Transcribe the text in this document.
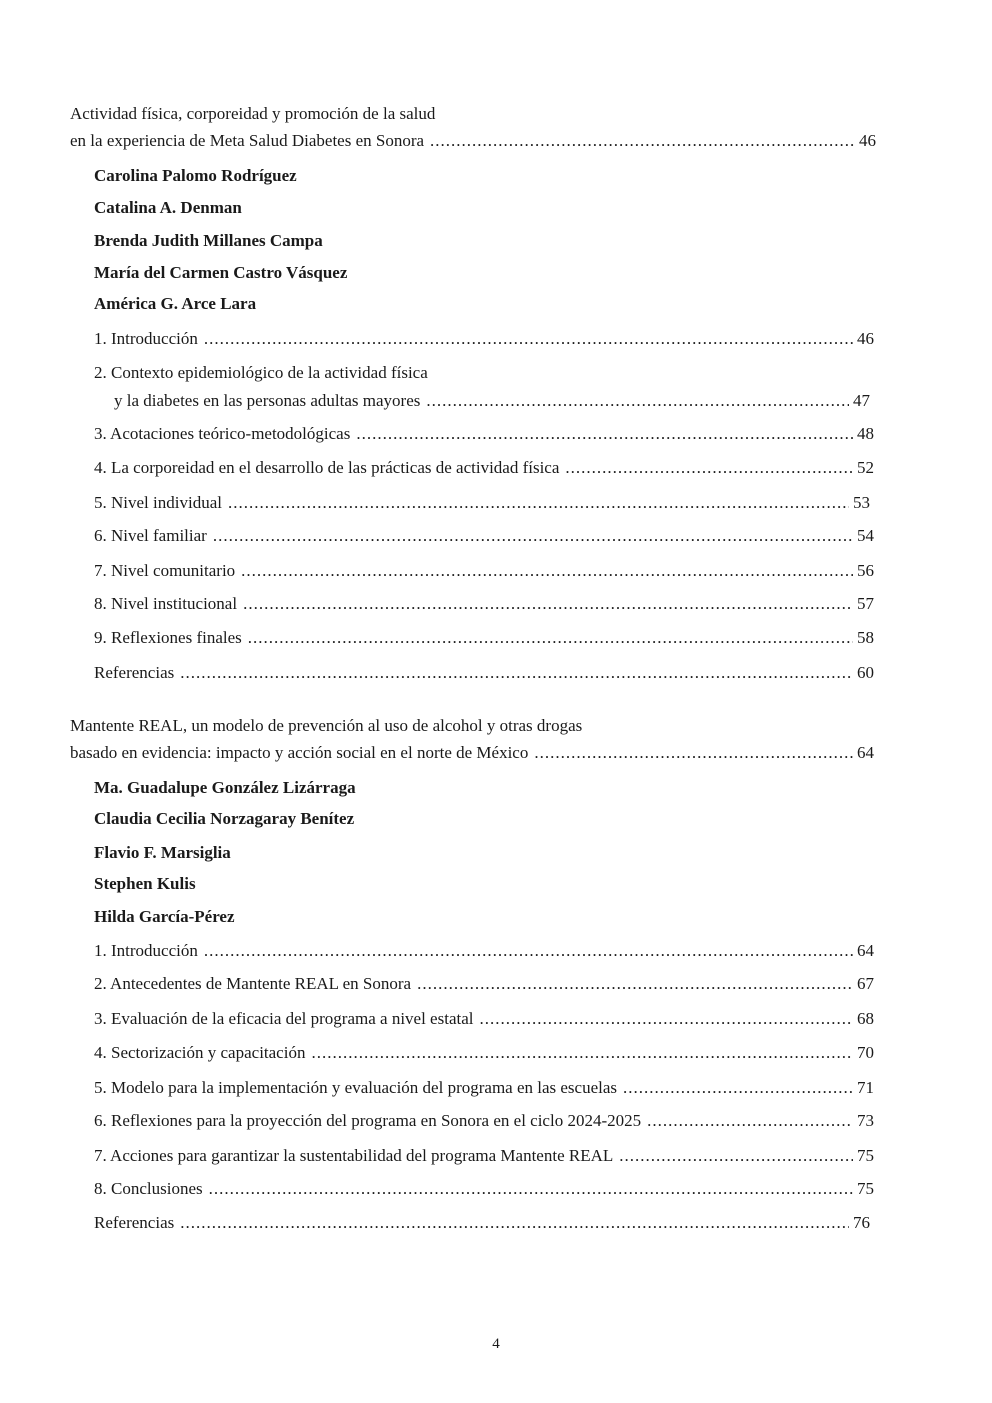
Actividad física, corporeidad y promoción de la salud
en la experiencia de Meta Salud Diabetes en Sonora .....	46
Carolina Palomo Rodríguez
Catalina A. Denman
Brenda Judith Millanes Campa
María del Carmen Castro Vásquez
América G. Arce Lara
1. Introducción .....	46
2. Contexto epidemiológico de la actividad física
y la diabetes en las personas adultas mayores .....	47
3. Acotaciones teórico-metodológicas .....	48
4. La corporeidad en el desarrollo de las prácticas de actividad física .....	52
5. Nivel individual .....	53
6. Nivel familiar .....	54
7. Nivel comunitario .....	56
8. Nivel institucional .....	57
9. Reflexiones finales .....	58
Referencias .....	60
Mantente REAL, un modelo de prevención al uso de alcohol y otras drogas
basado en evidencia: impacto y acción social en el norte de México .....	64
Ma. Guadalupe González Lizárraga
Claudia Cecilia Norzagaray Benítez
Flavio F. Marsiglia
Stephen Kulis
Hilda García-Pérez
1. Introducción .....	64
2. Antecedentes de Mantente REAL en Sonora .....	67
3. Evaluación de la eficacia del programa a nivel estatal .....	68
4. Sectorización y capacitación .....	70
5. Modelo para la implementación y evaluación del programa en las escuelas .....	71
6. Reflexiones para la proyección del programa en Sonora en el ciclo 2024-2025 .....	73
7. Acciones para garantizar la sustentabilidad del programa Mantente REAL .....	75
8. Conclusiones .....	75
Referencias .....	76
4
